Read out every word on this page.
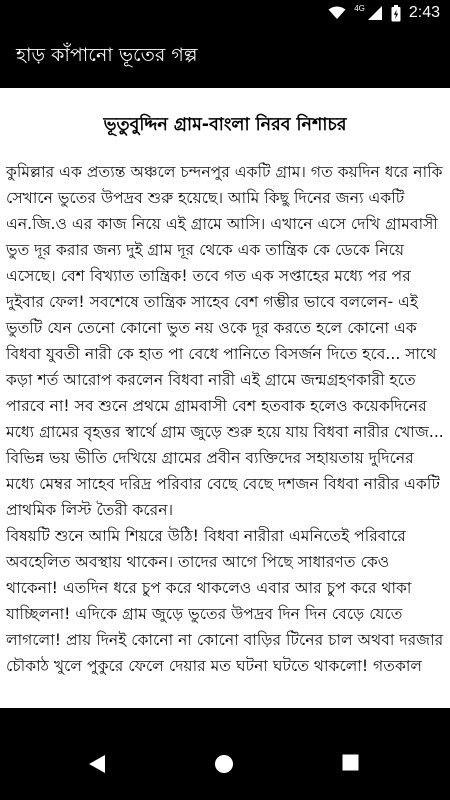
4G	2:43
হাড় কাঁপানো ভূতের গল্প
ভূতুবুদ্দিন গ্রাম-বাংলা নিরব নিশাচর

কুমিল্লার এক প্রত্যন্ত অঞ্চলে চন্দনপুর একটি গ্রাম। গত কয়দিন ধরে নাকি সেখানে ভুতের উপদ্রব শুরু হয়েছে। আমি কিছু দিনের জন্য একটি এন.জি.ও এর কাজ নিয়ে এই গ্রামে আসি। এখানে এসে দেখি গ্রামবাসী ভুত দূর করার জন্য দুই গ্রাম দূর থেকে এক তান্ত্রিক কে ডেকে নিয়ে এসেছে। বেশ বিখ্যাত তান্ত্রিক! তবে গত এক সপ্তাহের মধ্যে পর পর দুইবার ফেল! সবশেষে তান্ত্রিক সাহেব বেশ গম্ভীর ভাবে বললেন- এই ভুতটি যেন তেনো কোনো ভুত নয় ওকে দূর করতে হলে কোনো এক বিধবা যুবতী নারী কে হাত পা বেধে পানিতে বিসর্জন দিতে হবে... সাথে কড়া শর্ত আরোপ করলেন বিধবা নারী এই গ্রামে জন্মগ্রহণকারী হতে পারবে না! সব শুনে প্রথমে গ্রামবাসী বেশ হতবাক হলেও কয়েকদিনের মধ্যে গ্রামের বৃহত্তর স্বার্থে গ্রাম জুড়ে শুরু হয়ে যায় বিধবা নারীর খোজ... বিভিন্ন ভয় ভীতি দেখিয়ে গ্রামের প্রবীন ব্যক্তিদের সহায়তায় দুদিনের মধ্যে মেম্বর সাহেব দরিদ্র পরিবার বেছে বেছে দশজন বিধবা নারীর একটি প্রাথমিক লিস্ট তৈরী করেন।

বিষয়টি শুনে আমি শিয়রে উঠি! বিধবা নারীরা এমনিতেই পরিবারে অবহেলিত অবস্থায় থাকেন। তাদের আগে পিছে সাধারণত কেও থাকেনা! এতদিন ধরে চুপ করে থাকলেও এবার আর চুপ করে থাকা যাচ্ছিলনা! এদিকে গ্রাম জুড়ে ভুতের উপদ্রব দিন দিন বেড়ে যেতে লাগলো! প্রায় দিনই কোনো না কোনো বাড়ির টিনের চাল অথবা দরজার চৌকাঠ খুলে পুকুরে ফেলে দেয়ার মত ঘটনা ঘটতে থাকলো! গতকাল
